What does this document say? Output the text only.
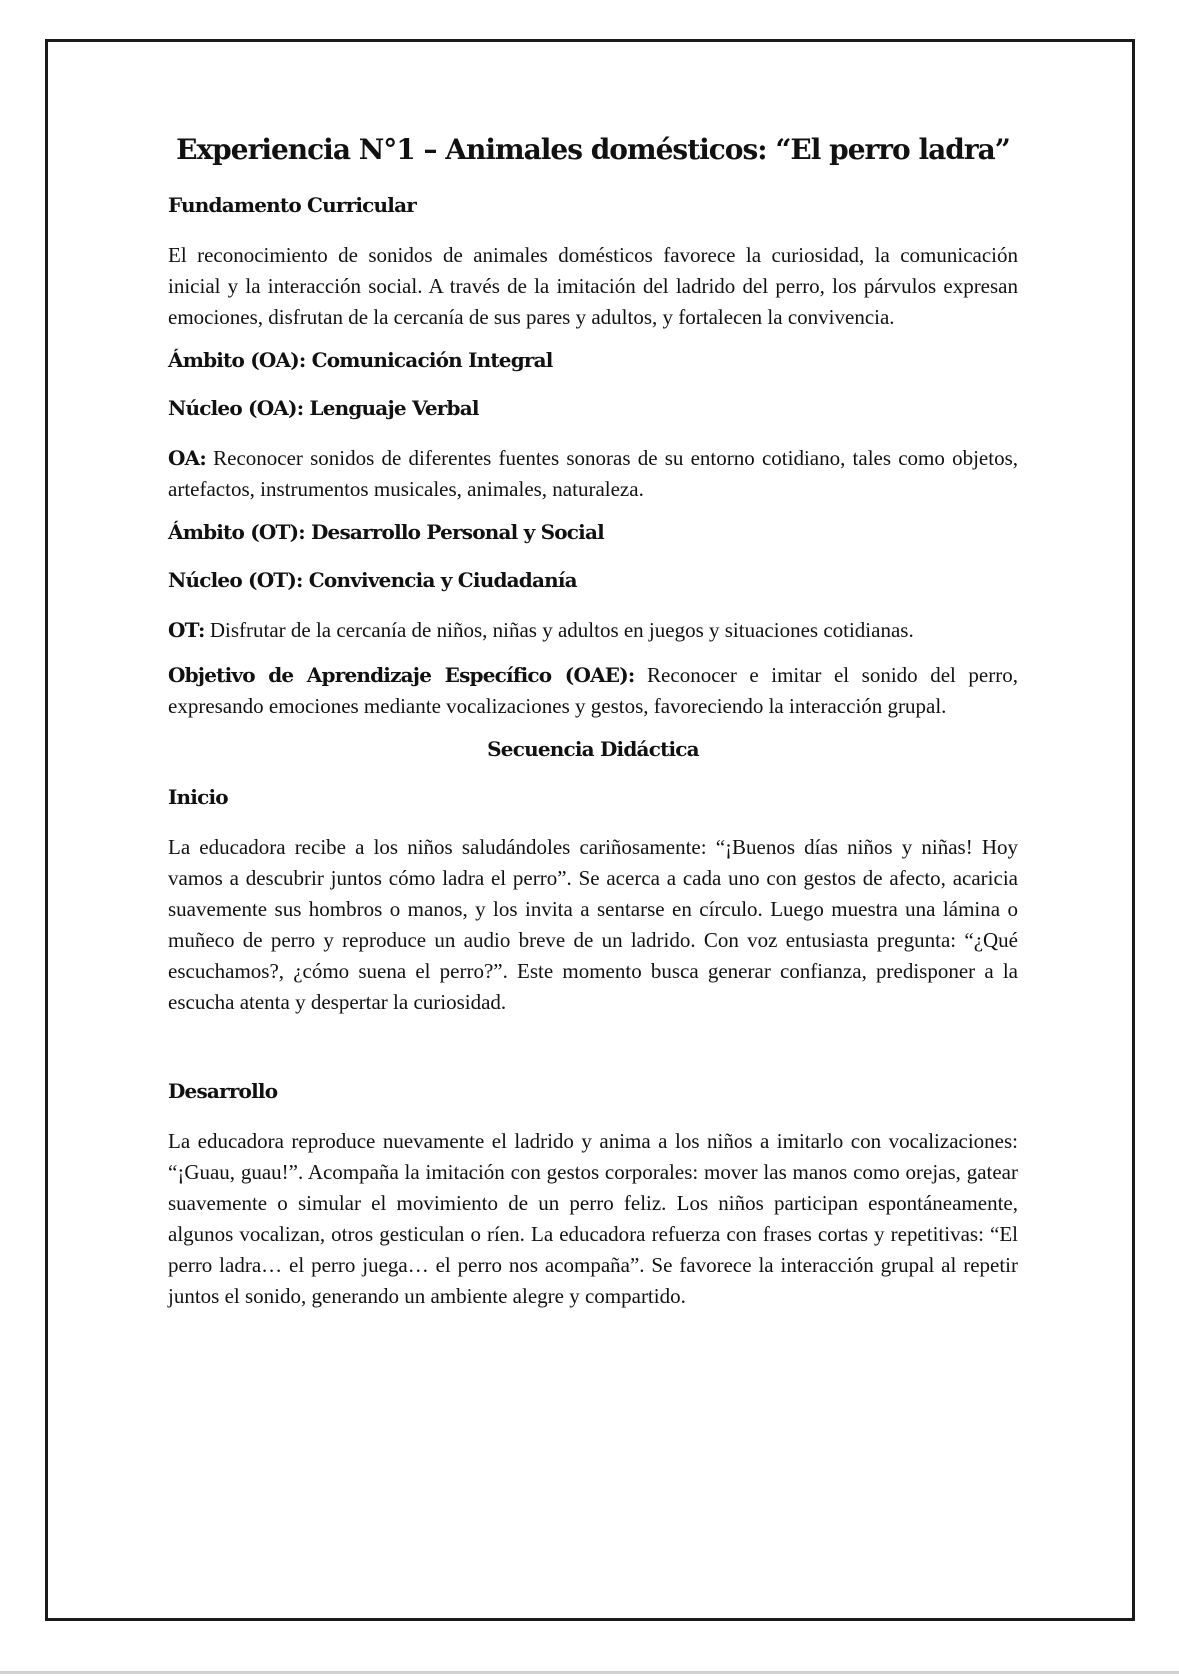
Experiencia N°1 – Animales domésticos: “El perro ladra”
Fundamento Curricular

El reconocimiento de sonidos de animales domésticos favorece la curiosidad, la comunicación inicial y la interacción social. A través de la imitación del ladrido del perro, los párvulos expresan emociones, disfrutan de la cercanía de sus pares y adultos, y fortalecen la convivencia.

Ámbito (OA): Comunicación Integral
Núcleo (OA): Lenguaje Verbal

OA: Reconocer sonidos de diferentes fuentes sonoras de su entorno cotidiano, tales como objetos, artefactos, instrumentos musicales, animales, naturaleza.

Ámbito (OT): Desarrollo Personal y Social
Núcleo (OT): Convivencia y Ciudadanía

OT: Disfrutar de la cercanía de niños, niñas y adultos en juegos y situaciones cotidianas.

Objetivo de Aprendizaje Específico (OAE): Reconocer e imitar el sonido del perro, expresando emociones mediante vocalizaciones y gestos, favoreciendo la interacción grupal.

Secuencia Didáctica
Inicio

La educadora recibe a los niños saludándoles cariñosamente: “¡Buenos días niños y niñas! Hoy vamos a descubrir juntos cómo ladra el perro”. Se acerca a cada uno con gestos de afecto, acaricia suavemente sus hombros o manos, y los invita a sentarse en círculo. Luego muestra una lámina o muñeco de perro y reproduce un audio breve de un ladrido. Con voz entusiasta pregunta: “¿Qué escuchamos?, ¿cómo suena el perro?”. Este momento busca generar confianza, predisponer a la escucha atenta y despertar la curiosidad.

Desarrollo

La educadora reproduce nuevamente el ladrido y anima a los niños a imitarlo con vocalizaciones: “¡Guau, guau!”. Acompaña la imitación con gestos corporales: mover las manos como orejas, gatear suavemente o simular el movimiento de un perro feliz. Los niños participan espontáneamente, algunos vocalizan, otros gesticulan o ríen. La educadora refuerza con frases cortas y repetitivas: “El perro ladra… el perro juega… el perro nos acompaña”. Se favorece la interacción grupal al repetir juntos el sonido, generando un ambiente alegre y compartido.
